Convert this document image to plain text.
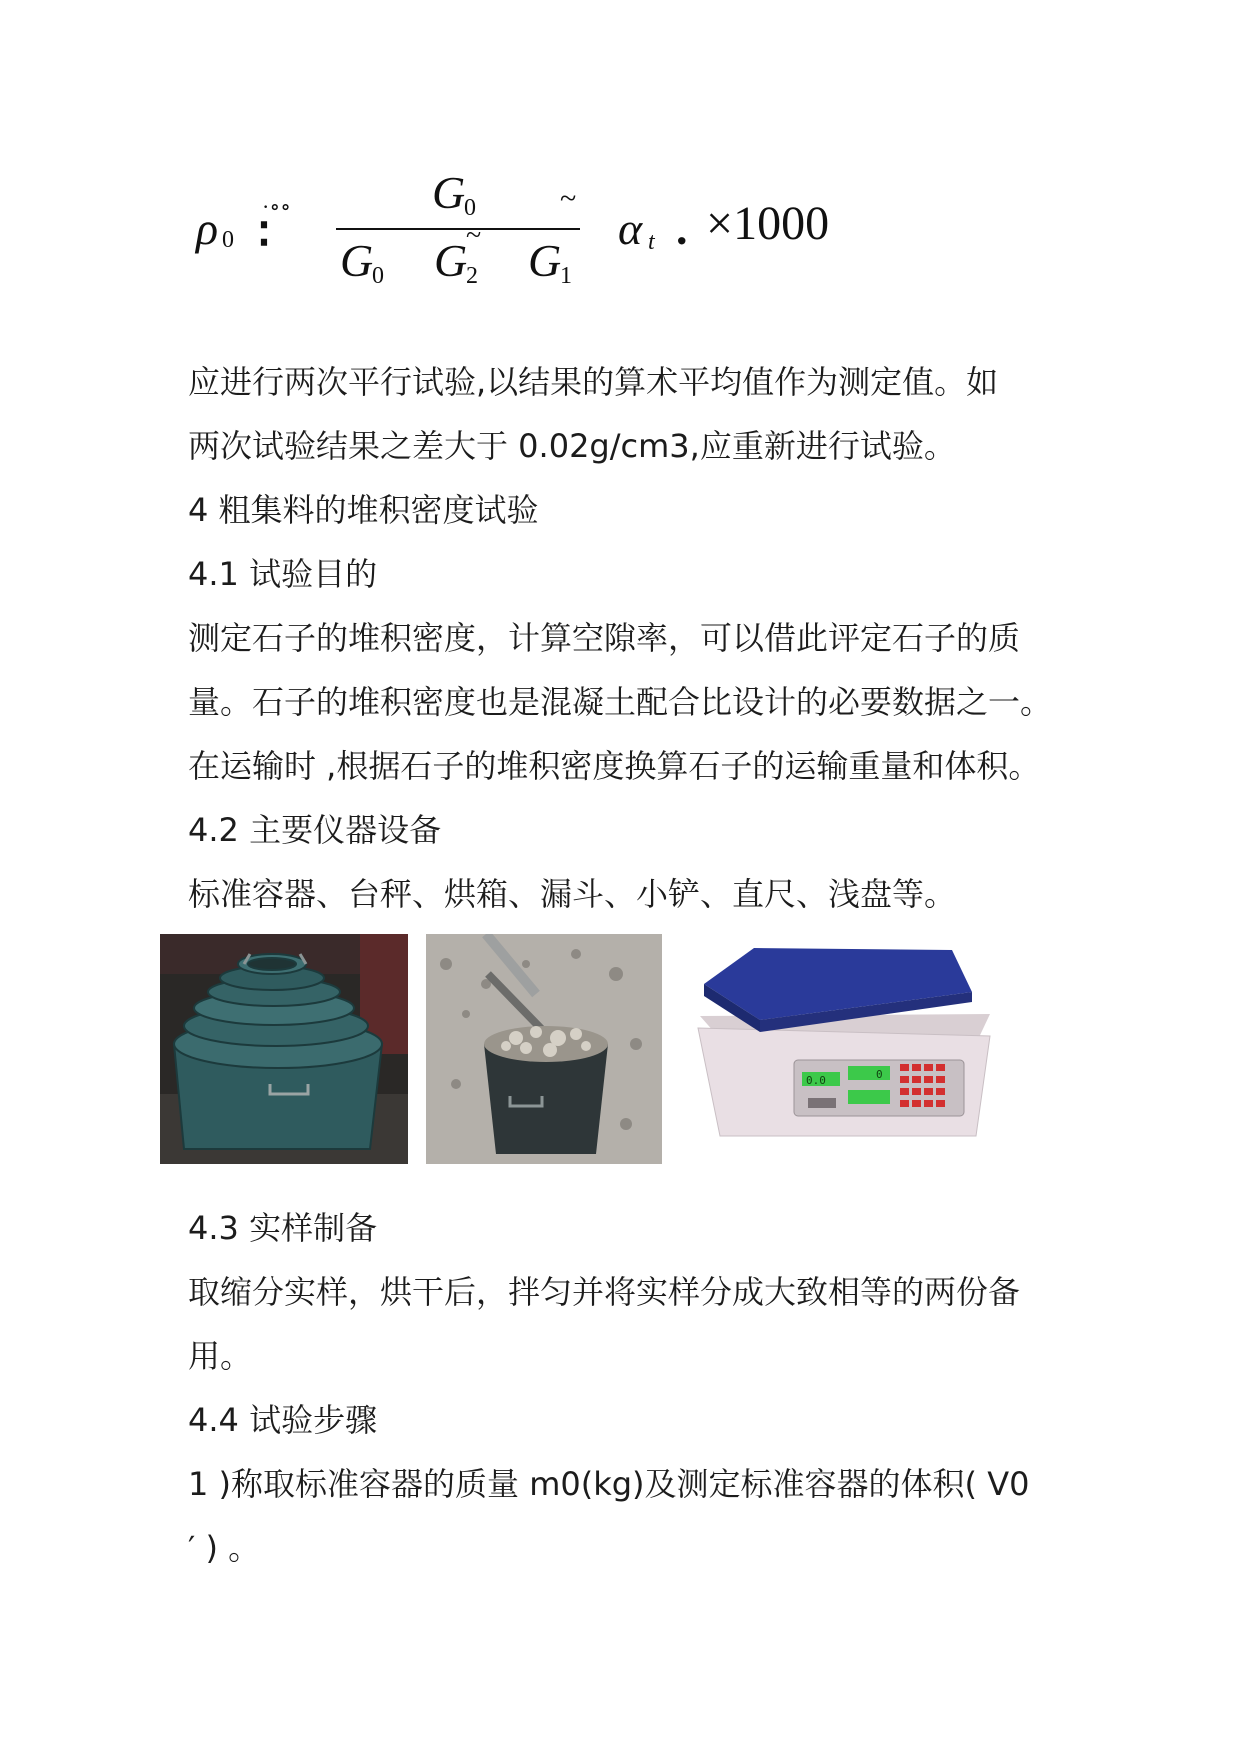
ρ 0
·∘∘
∶
G
0	~
G
0 G
2
~ G
1
α t . ×1000
应进行两次平行试验,以结果的算术平均值作为测定值。如
两次试验结果之差大于 0.02g/cm3,应重新进行试验。
4 粗集料的堆积密度试验
4.1 试验目的
测定石子的堆积密度，计算空隙率，可以借此评定石子的质
量。石子的堆积密度也是混凝土配合比设计的必要数据之一。
在运输时 ,根据石子的堆积密度换算石子的运输重量和体积。
4.2 主要仪器设备
标准容器、台秤、烘箱、漏斗、小铲、直尺、浅盘等。
0.0	0
4.3 实样制备
取缩分实样，烘干后，拌匀并将实样分成大致相等的两份备
用。
4.4 试验步骤
1 )称取标准容器的质量 m0(kg)及测定标准容器的体积( V0
′ ) 。
